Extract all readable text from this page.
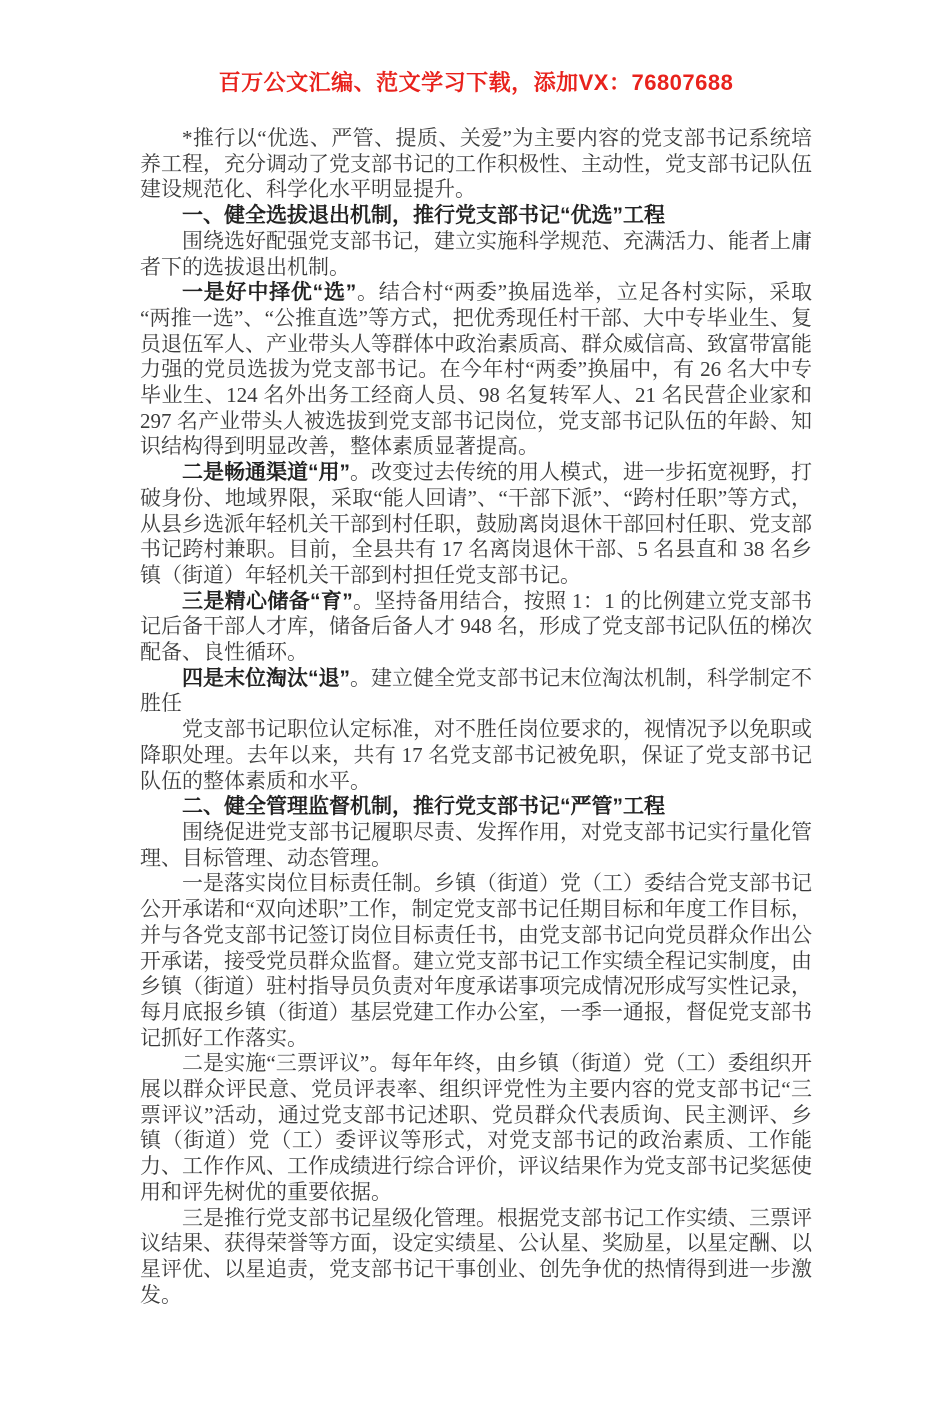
百万公文汇编、范文学习下载，添加VX：76807688

*推行以“优选、严管、提质、关爱”为主要内容的党支部书记系统培养工程，充分调动了党支部书记的工作积极性、主动性，党支部书记队伍建设规范化、科学化水平明显提升。

一、健全选拔退出机制，推行党支部书记“优选”工程

围绕选好配强党支部书记，建立实施科学规范、充满活力、能者上庸者下的选拔退出机制。

一是好中择优“选”。结合村“两委”换届选举，立足各村实际，采取“两推一选”、“公推直选”等方式，把优秀现任村干部、大中专毕业生、复员退伍军人、产业带头人等群体中政治素质高、群众威信高、致富带富能力强的党员选拔为党支部书记。在今年村“两委”换届中，有 26 名大中专毕业生、124 名外出务工经商人员、98 名复转军人、21 名民营企业家和 297 名产业带头人被选拔到党支部书记岗位，党支部书记队伍的年龄、知识结构得到明显改善，整体素质显著提高。

二是畅通渠道“用”。改变过去传统的用人模式，进一步拓宽视野，打破身份、地域界限，采取“能人回请”、“干部下派”、“跨村任职”等方式，从县乡选派年轻机关干部到村任职，鼓励离岗退休干部回村任职、党支部书记跨村兼职。目前，全县共有 17 名离岗退休干部、5 名县直和 38 名乡镇（街道）年轻机关干部到村担任党支部书记。

三是精心储备“育”。坚持备用结合，按照 1：1 的比例建立党支部书记后备干部人才库，储备后备人才 948 名，形成了党支部书记队伍的梯次配备、良性循环。

四是末位淘汰“退”。建立健全党支部书记末位淘汰机制，科学制定不胜任

党支部书记职位认定标准，对不胜任岗位要求的，视情况予以免职或降职处理。去年以来，共有 17 名党支部书记被免职，保证了党支部书记队伍的整体素质和水平。

二、健全管理监督机制，推行党支部书记“严管”工程

围绕促进党支部书记履职尽责、发挥作用，对党支部书记实行量化管理、目标管理、动态管理。

一是落实岗位目标责任制。乡镇（街道）党（工）委结合党支部书记公开承诺和“双向述职”工作，制定党支部书记任期目标和年度工作目标，并与各党支部书记签订岗位目标责任书，由党支部书记向党员群众作出公开承诺，接受党员群众监督。建立党支部书记工作实绩全程记实制度，由乡镇（街道）驻村指导员负责对年度承诺事项完成情况形成写实性记录，每月底报乡镇（街道）基层党建工作办公室，一季一通报，督促党支部书记抓好工作落实。

二是实施“三票评议”。每年年终，由乡镇（街道）党（工）委组织开展以群众评民意、党员评表率、组织评党性为主要内容的党支部书记“三票评议”活动，通过党支部书记述职、党员群众代表质询、民主测评、乡镇（街道）党（工）委评议等形式，对党支部书记的政治素质、工作能力、工作作风、工作成绩进行综合评价，评议结果作为党支部书记奖惩使用和评先树优的重要依据。

三是推行党支部书记星级化管理。根据党支部书记工作实绩、三票评议结果、获得荣誉等方面，设定实绩星、公认星、奖励星，以星定酬、以星评优、以星追责，党支部书记干事创业、创先争优的热情得到进一步激发。
